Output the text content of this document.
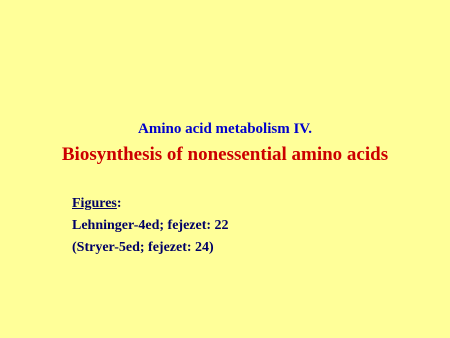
Amino acid metabolism IV.
Biosynthesis of nonessential amino acids
Figures:
Lehninger-4ed; fejezet: 22
(Stryer-5ed; fejezet: 24)
